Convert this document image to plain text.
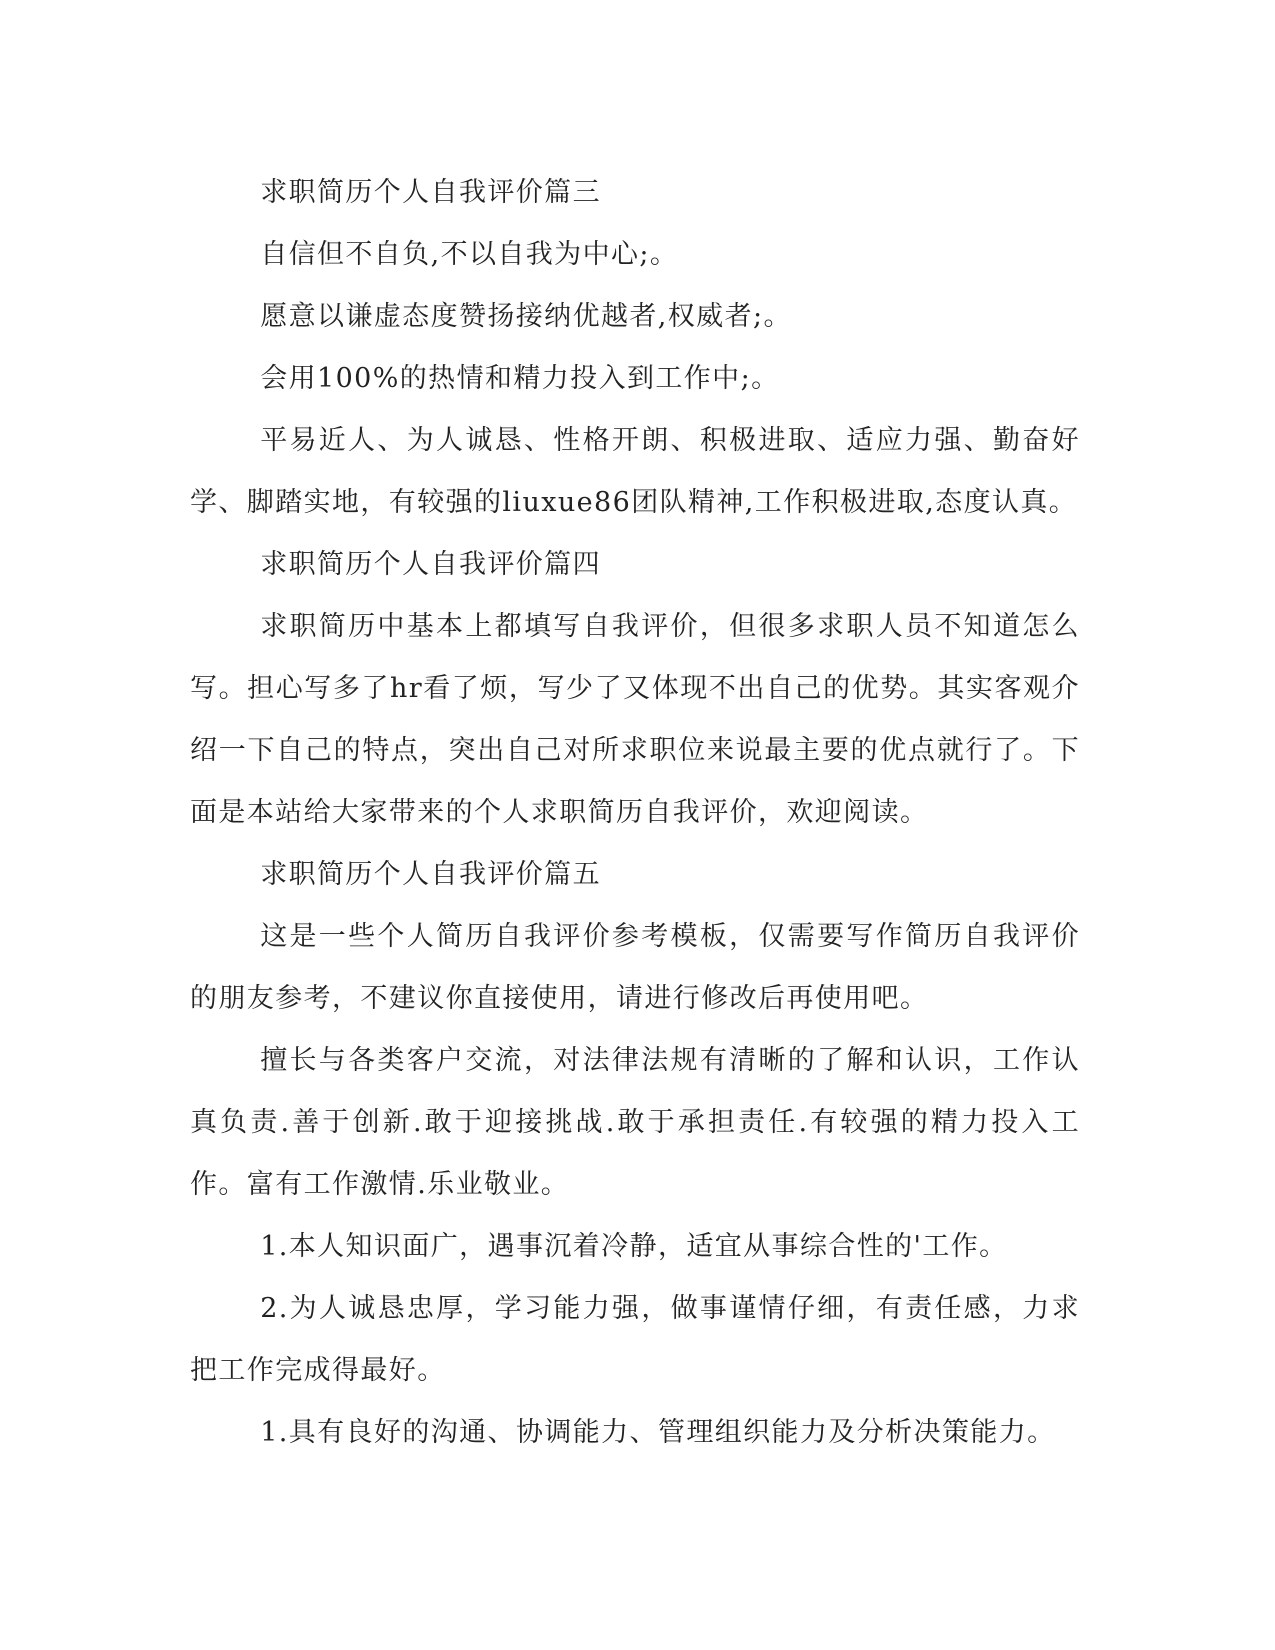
求职简历个人自我评价篇三

自信但不自负,不以自我为中心;。

愿意以谦虚态度赞扬接纳优越者,权威者;。

会用100%的热情和精力投入到工作中;。

平易近人、为人诚恳、性格开朗、积极进取、适应力强、勤奋好学、脚踏实地，有较强的liuxue86团队精神,工作积极进取,态度认真。

求职简历个人自我评价篇四

求职简历中基本上都填写自我评价，但很多求职人员不知道怎么写。担心写多了hr看了烦，写少了又体现不出自己的优势。其实客观介绍一下自己的特点，突出自己对所求职位来说最主要的优点就行了。下面是本站给大家带来的个人求职简历自我评价，欢迎阅读。

求职简历个人自我评价篇五

这是一些个人简历自我评价参考模板，仅需要写作简历自我评价的朋友参考，不建议你直接使用，请进行修改后再使用吧。

擅长与各类客户交流，对法律法规有清晰的了解和认识，工作认真负责.善于创新.敢于迎接挑战.敢于承担责任.有较强的精力投入工作。富有工作激情.乐业敬业。

1.本人知识面广，遇事沉着冷静，适宜从事综合性的'工作。

2.为人诚恳忠厚，学习能力强，做事谨情仔细，有责任感，力求把工作完成得最好。

1.具有良好的沟通、协调能力、管理组织能力及分析决策能力。
